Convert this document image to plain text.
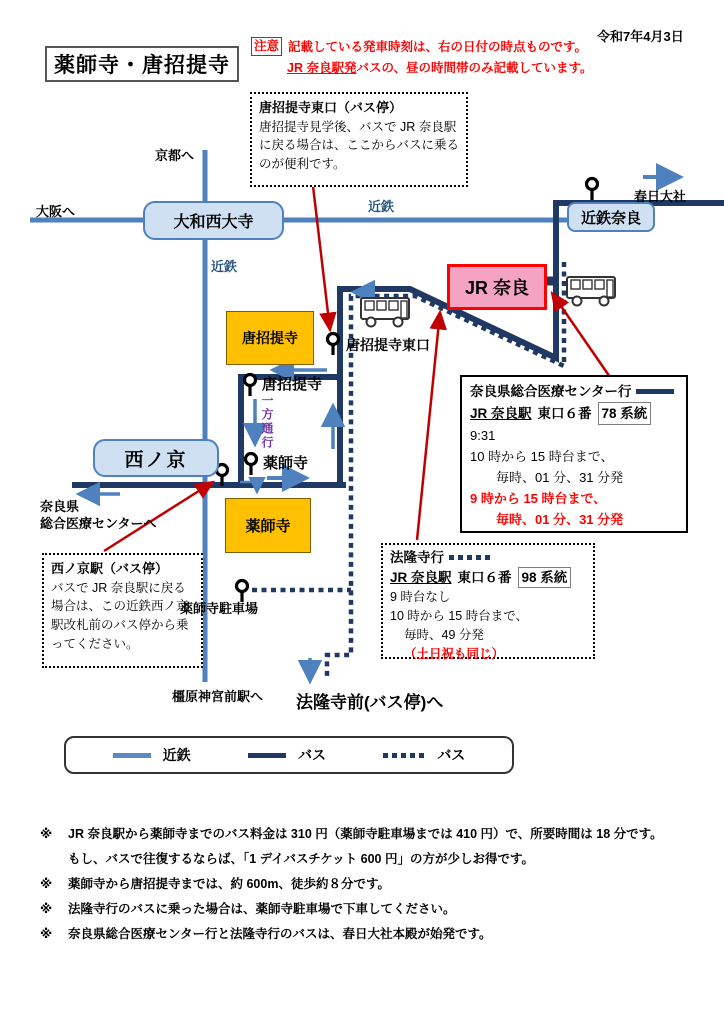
薬師寺・唐招提寺
注意 記載している発車時刻は、右の日付の時点ものです。
JR 奈良駅発バスの、昼の時間帯のみ記載しています。
令和7年4月3日
唐招提寺東口（バス停）
唐招提寺見学後、バスで JR 奈良駅に戻る場合は、ここからバスに乗るのが便利です。
西ノ京駅（バス停）
バスで JR 奈良駅に戻る場合は、この近鉄西ノ京駅改札前のバス停から乗ってください。
京都へ
大阪へ	近鉄
近鉄
大和西大寺	近鉄奈良
春日大社
JR 奈良
唐招提寺
薬師寺
西ノ京
唐招提寺東口
唐招提寺
薬師寺
薬師寺駐車場
一方通行
奈良県
総合医療センターへ
橿原神宮前駅へ 法隆寺前(バス停)へ
奈良県総合医療センター行
JR 奈良駅 東口６番 78 系統
9:31
10 時から 15 時台まで、
毎時、01 分、31 分発
9 時から 15 時台まで、
毎時、01 分、31 分発
法隆寺行
JR 奈良駅 東口６番 98 系統
9 時台なし
10 時から 15 時台まで、
毎時、49 分発
（土日祝も同じ）
近鉄	バス	バス
※	JR 奈良駅から薬師寺までのバス料金は 310 円（薬師寺駐車場までは 410 円）で、所要時間は 18 分です。
もし、バスで往復するならば、「1 デイバスチケット 600 円」の方が少しお得です。
※	薬師寺から唐招提寺までは、約 600m、徒歩約８分です。
※	法隆寺行のバスに乗った場合は、薬師寺駐車場で下車してください。
※	奈良県総合医療センター行と法隆寺行のバスは、春日大社本殿が始発です。
